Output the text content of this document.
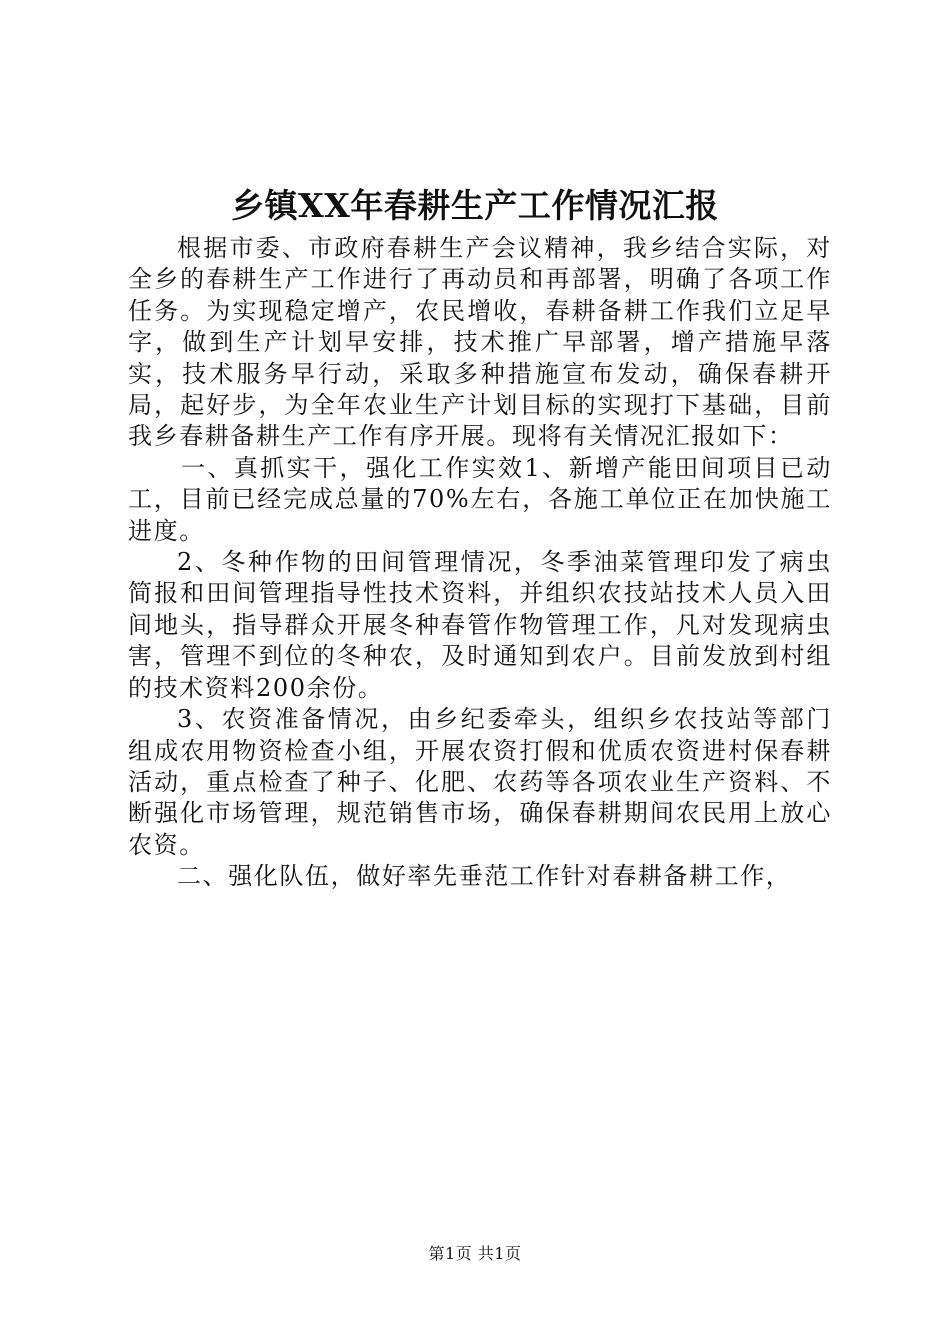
乡镇XX年春耕生产工作情况汇报

根据市委、市政府春耕生产会议精神，我乡结合实际，对全乡的春耕生产工作进行了再动员和再部署，明确了各项工作任务。为实现稳定增产，农民增收，春耕备耕工作我们立足早字，做到生产计划早安排，技术推广早部署，增产措施早落实，技术服务早行动，采取多种措施宣布发动，确保春耕开局，起好步，为全年农业生产计划目标的实现打下基础，目前我乡春耕备耕生产工作有序开展。现将有关情况汇报如下：

一、真抓实干，强化工作实效1、新增产能田间项目已动工，目前已经完成总量的70%左右，各施工单位正在加快施工进度。

2、冬种作物的田间管理情况，冬季油菜管理印发了病虫简报和田间管理指导性技术资料，并组织农技站技术人员入田间地头，指导群众开展冬种春管作物管理工作，凡对发现病虫害，管理不到位的冬种农，及时通知到农户。目前发放到村组的技术资料200余份。

3、农资准备情况，由乡纪委牵头，组织乡农技站等部门组成农用物资检查小组，开展农资打假和优质农资进村保春耕活动，重点检查了种子、化肥、农药等各项农业生产资料、不断强化市场管理，规范销售市场，确保春耕期间农民用上放心农资。

二、强化队伍，做好率先垂范工作针对春耕备耕工作，

第1页 共1页
